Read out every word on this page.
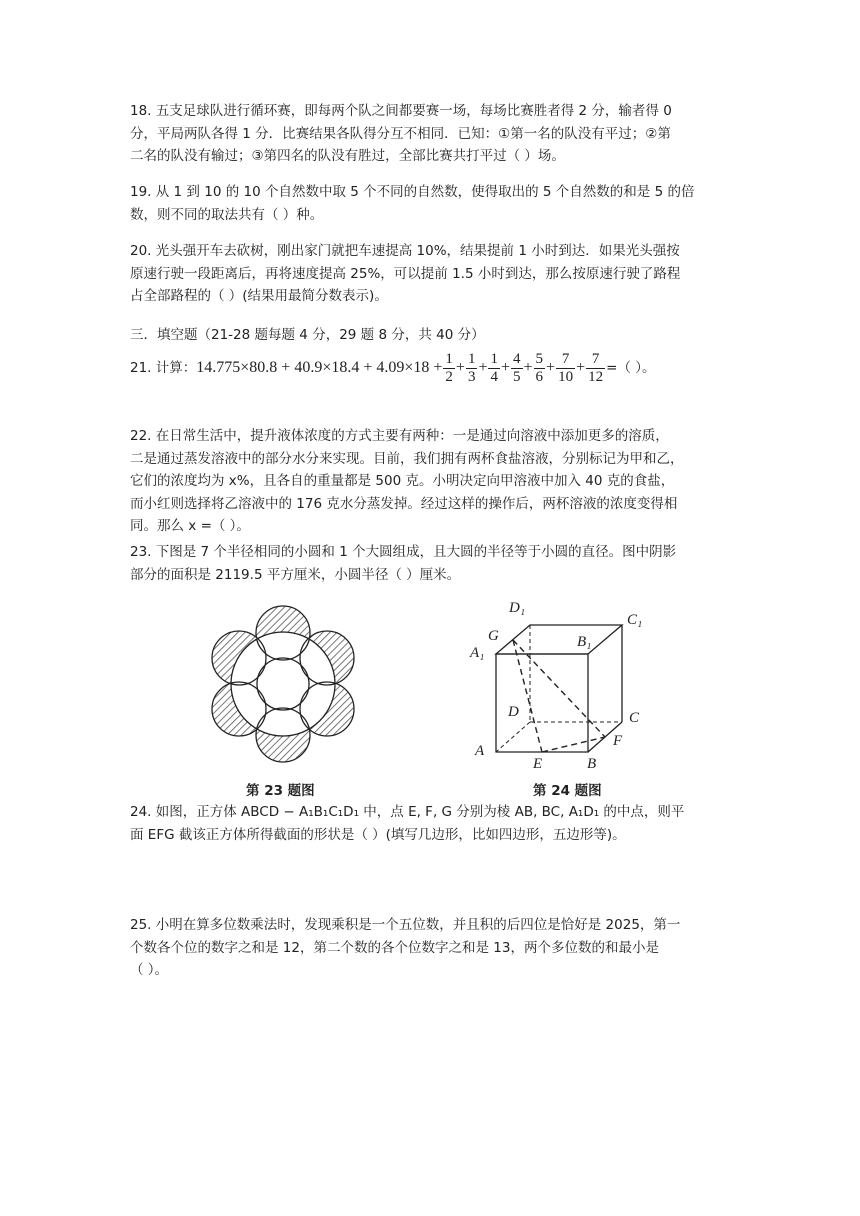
18. 五支足球队进行循环赛，即每两个队之间都要赛一场，每场比赛胜者得 2 分，输者得 0
分，平局两队各得 1 分．比赛结果各队得分互不相同．已知：①第一名的队没有平过；②第
二名的队没有输过；③第四名的队没有胜过，全部比赛共打平过（ ）场。
19. 从 1 到 10 的 10 个自然数中取 5 个不同的自然数，使得取出的 5 个自然数的和是 5 的倍
数，则不同的取法共有（ ）种。
20. 光头强开车去砍树，刚出家门就把车速提高 10%，结果提前 1 小时到达．如果光头强按
原速行驶一段距离后，再将速度提高 25%，可以提前 1.5 小时到达，那么按原速行驶了路程
占全部路程的（ ）(结果用最简分数表示)。
三．填空题（21-28 题每题 4 分，29 题 8 分，共 40 分）
21. 计算：$14.775\times 80.8 + 40.9\times 18.4 + 4.09\times 18 + \frac{1}{2} + \frac{1}{3} + \frac{1}{4} + \frac{4}{5} + \frac{5}{6} + \frac{7}{10} + \frac{7}{12}$ =（ ）。
22. 在日常生活中，提升液体浓度的方式主要有两种：一是通过向溶液中添加更多的溶质，
二是通过蒸发溶液中的部分水分来实现。目前，我们拥有两杯食盐溶液，分别标记为甲和乙，
它们的浓度均为 x%，且各自的重量都是 500 克。小明决定向甲溶液中加入 40 克的食盐，
而小红则选择将乙溶液中的 176 克水分蒸发掉。经过这样的操作后，两杯溶液的浓度变得相
同。那么 x =（ ）。
23. 下图是 7 个半径相同的小圆和 1 个大圆组成，且大圆的半径等于小圆的直径。图中阴影
部分的面积是 2119.5 平方厘米，小圆半径（ ）厘米。
第 23 题图
D₁
C₁
G	B₁
A₁
D	C
F
A
E	B
第 24 题图
24. 如图，正方体 ABCD − A₁B₁C₁D₁ 中，点 E, F, G 分别为棱 AB, BC, A₁D₁ 的中点，则平
面 EFG 截该正方体所得截面的形状是（ ）(填写几边形，比如四边形，五边形等)。
25. 小明在算多位数乘法时，发现乘积是一个五位数，并且积的后四位是恰好是 2025，第一
个数各个位的数字之和是 12，第二个数的各个位数字之和是 13，两个多位数的和最小是
（ ）。
